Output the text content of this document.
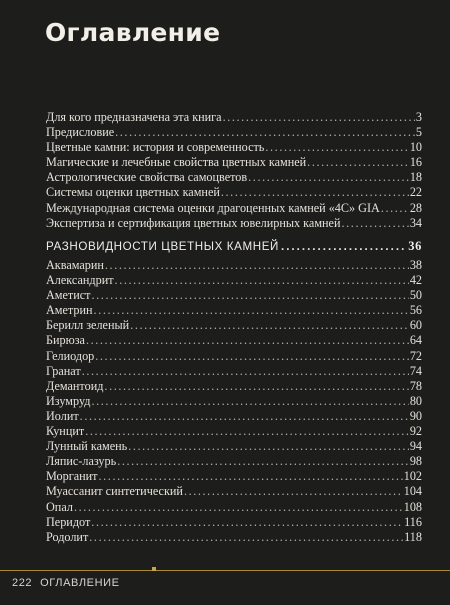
Оглавление
Для кого предназначена эта книга .....	3
Предисловие .....	5
Цветные камни: история и современность .....	10
Магические и лечебные свойства цветных камней .....	16
Астрологические свойства самоцветов .....	18
Системы оценки цветных камней .....	22
Международная система оценки драгоценных камней «4С» GIA ..... 28
Экспертиза и сертификация цветных ювелирных камней .....	34
РАЗНОВИДНОСТИ ЦВЕТНЫХ КАМНЕЙ .....	36
Аквамарин .....	38
Александрит .....	42
Аметист .....	50
Аметрин .....	56
Берилл зеленый .....	60
Бирюза .....	64
Гелиодор .....	72
Гранат .....	74
Демантоид .....	78
Изумруд .....	80
Иолит .....	90
Кунцит .....	92
Лунный камень .....	94
Ляпис-лазурь .....	98
Морганит .....	102
Муассанит синтетический .....	104
Опал .....	108
Перидот .....	116
Родолит .....	118
222 ОГЛАВЛЕНИЕ
